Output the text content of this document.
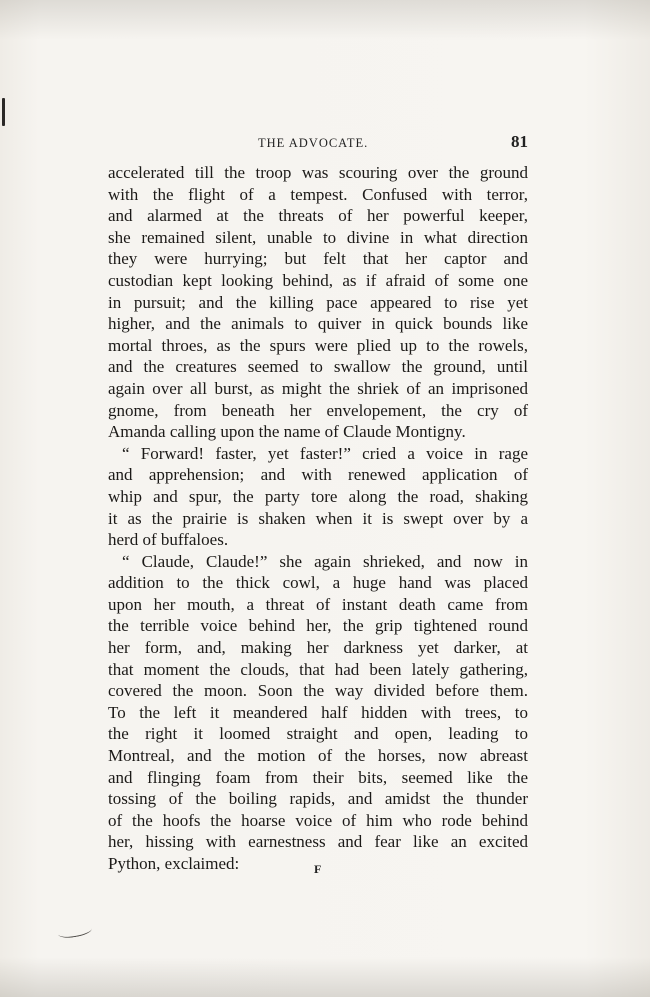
THE ADVOCATE.	81
accelerated till the troop was scouring over the ground
with the flight of a tempest. Confused with terror,
and alarmed at the threats of her powerful keeper,
she remained silent, unable to divine in what direction
they were hurrying; but felt that her captor and
custodian kept looking behind, as if afraid of some one
in pursuit; and the killing pace appeared to rise yet
higher, and the animals to quiver in quick bounds like
mortal throes, as the spurs were plied up to the rowels,
and the creatures seemed to swallow the ground, until
again over all burst, as might the shriek of an imprisoned
gnome, from beneath her envelopement, the cry of
Amanda calling upon the name of Claude Montigny.
“ Forward! faster, yet faster!” cried a voice in rage
and apprehension; and with renewed application of
whip and spur, the party tore along the road, shaking
it as the prairie is shaken when it is swept over by a
herd of buffaloes.
“ Claude, Claude!” she again shrieked, and now in
addition to the thick cowl, a huge hand was placed
upon her mouth, a threat of instant death came from
the terrible voice behind her, the grip tightened round
her form, and, making her darkness yet darker, at
that moment the clouds, that had been lately gathering,
covered the moon. Soon the way divided before them.
To the left it meandered half hidden with trees, to
the right it loomed straight and open, leading to
Montreal, and the motion of the horses, now abreast
and flinging foam from their bits, seemed like the
tossing of the boiling rapids, and amidst the thunder
of the hoofs the hoarse voice of him who rode behind
her, hissing with earnestness and fear like an excited
Python, exclaimed:	F
